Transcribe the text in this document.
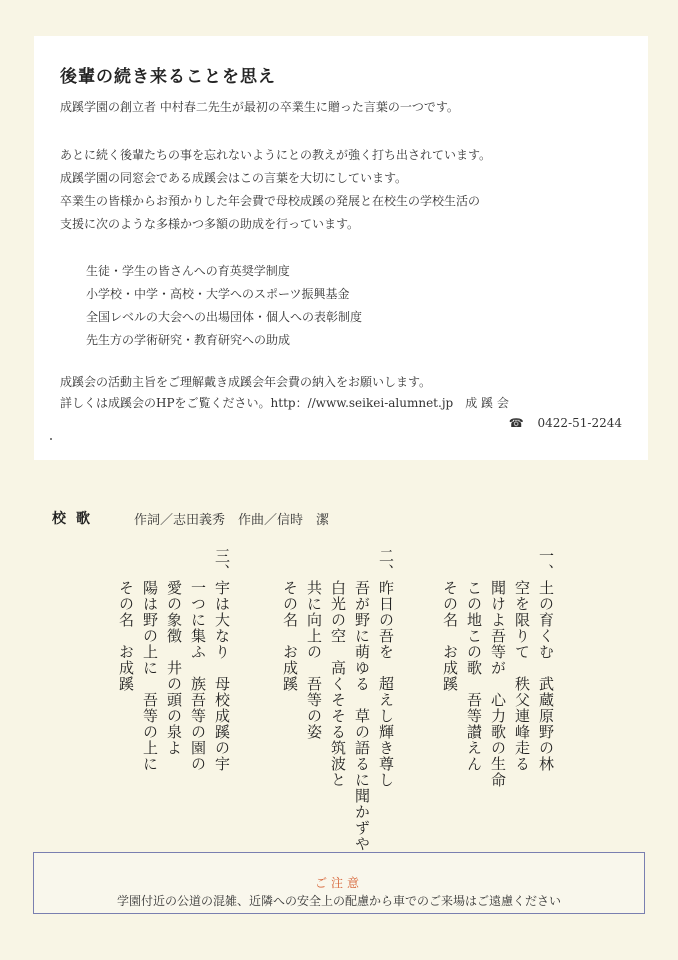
後輩の続き来ることを思え
成蹊学園の創立者 中村春二先生が最初の卒業生に贈った言葉の一つです。
あとに続く後輩たちの事を忘れないようにとの教えが強く打ち出されています。
成蹊学園の同窓会である成蹊会はこの言葉を大切にしています。
卒業生の皆様からお預かりした年会費で母校成蹊の発展と在校生の学校生活の
支援に次のような多様かつ多額の助成を行っています。
生徒・学生の皆さんへの育英奨学制度
小学校・中学・高校・大学へのスポーツ振興基金
全国レベルの大会への出場団体・個人への表彰制度
先生方の学術研究・教育研究への助成
成蹊会の活動主旨をご理解戴き成蹊会年会費の納入をお願いします。
詳しくは成蹊会のHPをご覧ください。http：//www.seikei-alumnet.jp　成 蹊 会
☎ 0422-51-2244
校歌	作詞／志田義秀　作曲／信時　潔
一、土の育くむ　武蔵原野の林
　　空を限りて　秩父連峰走る
　　聞けよ吾等が　心力歌の生命
　　この地この歌　吾等讃えん
　　その名　お成蹊
二、昨日の吾を　超えし輝き尊し
　　吾が野に萌ゆる　草の語るに聞かずや
　　白光の空　高くそそる筑波と
　　共に向上の　吾等の姿
　　その名　お成蹊
三、宇は大なり　母校成蹊の宇
　　一つに集ふ　族吾等の園の
　　愛の象徴　井の頭の泉よ
　　陽は野の上に　吾等の上に
　　その名　お成蹊
ご注意
学園付近の公道の混雑、近隣への安全上の配慮から車でのご来場はご遠慮ください
